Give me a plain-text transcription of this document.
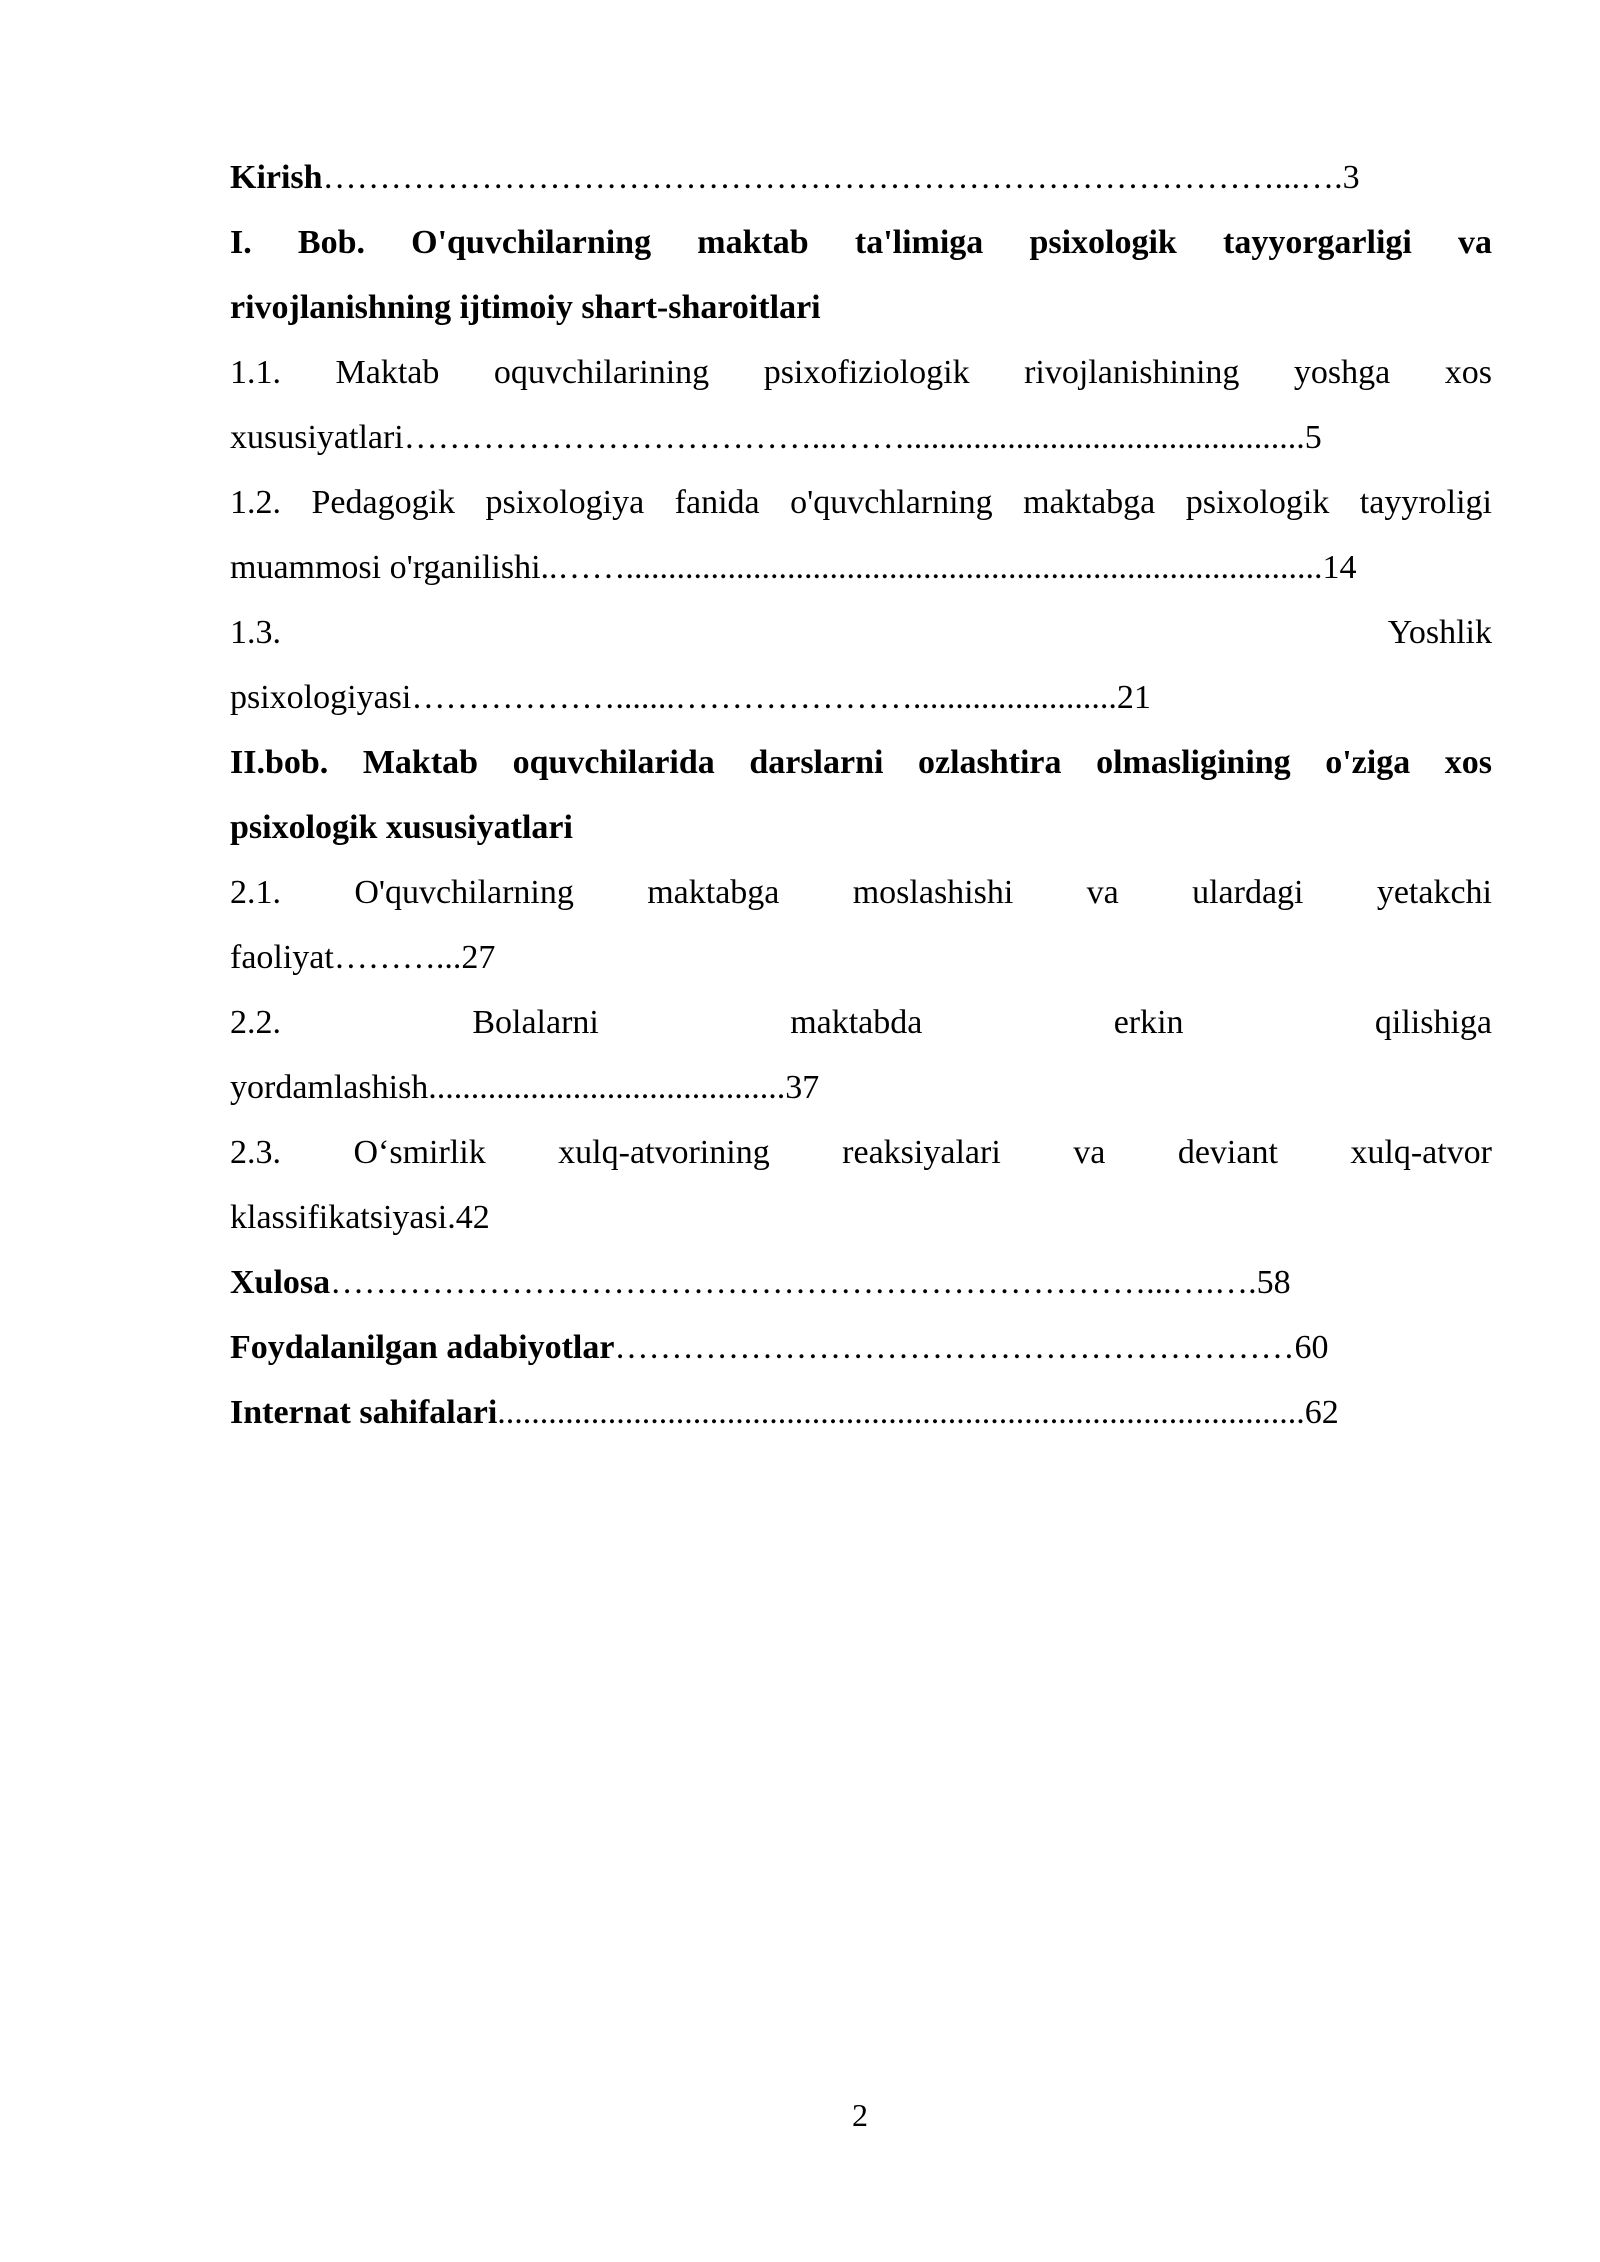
Kirish…………………………………………………………………………...….3
I. Bob. O'quvchilarning maktab ta'limiga psixologik tayyorgarligi va
rivojlanishning ijtimoiy shart-sharoitlari
1.1. Maktab oquvchilarining psixofiziologik rivojlanishining yoshga xos
xususiyatlari………………………………...……...............................................5
1.2. Pedagogik psixologiya fanida o'quvchlarning maktabga psixologik tayyroligi
muammosi o'rganilishi..……..................................................................................14
1.3.	Yoshlik
psixologiyasi……………….......…………………........................21
II.bob. Maktab oquvchilarida darslarni ozlashtira olmasligining o'ziga xos
psixologik xususiyatlari
2.1. O'quvchilarning maktabga moslashishi va ulardagi yetakchi
faoliyat………...27
2.2. Bolalarni maktabda erkin qilishiga
yordamlashish..........................................37
2.3. O‘smirlik xulq-atvorining reaksiyalari va deviant xulq-atvor
klassifikatsiyasi.42
Xulosa………………………………………………………………...….….58
Foydalanilgan adabiyotlar……………………………………………………60
Internat sahifalari...............................................................................................62
2
